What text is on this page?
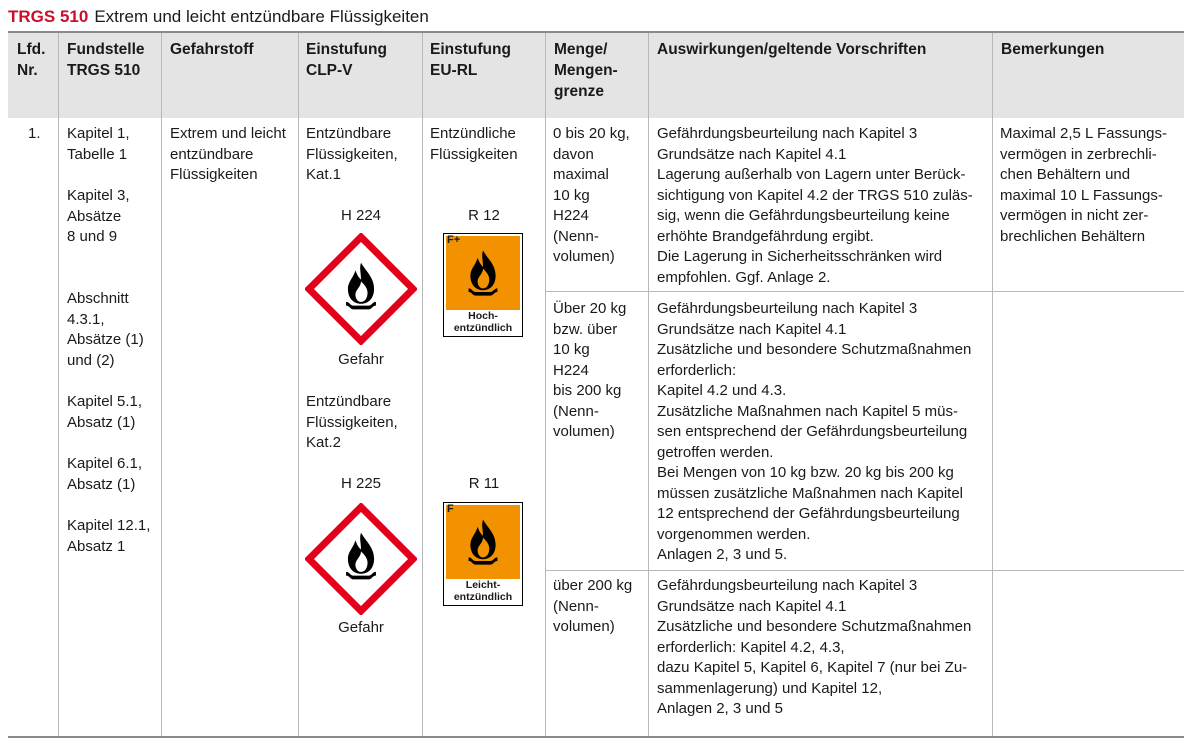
TRGS 510 Extrem und leicht entzündbare Flüssigkeiten
Lfd.
Nr.
Fundstelle
TRGS 510
Gefahrstoff	Einstufung
CLP-V
Einstufung
EU-RL
Menge/
Mengen-
grenze
Auswirkungen/geltende Vorschriften	Bemerkungen
1. Kapitel 1,
Tabelle 1
Kapitel 3,
Absätze
8 und 9
Abschnitt
4.3.1,
Absätze (1)
und (2)
Kapitel 5.1,
Absatz (1)
Kapitel 6.1,
Absatz (1)
Kapitel 12.1,
Absatz 1
Extrem und leicht
entzündbare
Flüssigkeiten
Entzündbare
Flüssigkeiten,
Kat.1
H 224
Gefahr
Entzündbare
Flüssigkeiten,
Kat.2
H 225
Gefahr
Entzündliche
Flüssigkeiten
R 12
F+
Hoch-
entzündlich
R 11
F
Leicht-
entzündlich
0 bis 20 kg,
davon
maximal
10 kg
H224
(Nenn-
volumen)
Über 20 kg
bzw. über
10 kg
H224
bis 200 kg
(Nenn-
volumen)
über 200 kg
(Nenn-
volumen)
Gefährdungsbeurteilung nach Kapitel 3
Grundsätze nach Kapitel 4.1
Lagerung außerhalb von Lagern unter Berück-
sichtigung von Kapitel 4.2 der TRGS 510 zuläs-
sig, wenn die Gefährdungsbeurteilung keine
erhöhte Brandgefährdung ergibt.
Die Lagerung in Sicherheitsschränken wird
empfohlen. Ggf. Anlage 2.
Gefährdungsbeurteilung nach Kapitel 3
Grundsätze nach Kapitel 4.1
Zusätzliche und besondere Schutzmaßnahmen
erforderlich:
Kapitel 4.2 und 4.3.
Zusätzliche Maßnahmen nach Kapitel 5 müs-
sen entsprechend der Gefährdungsbeurteilung
getroffen werden.
Bei Mengen von 10 kg bzw. 20 kg bis 200 kg
müssen zusätzliche Maßnahmen nach Kapitel
12 entsprechend der Gefährdungsbeurteilung
vorgenommen werden.
Anlagen 2, 3 und 5.
Gefährdungsbeurteilung nach Kapitel 3
Grundsätze nach Kapitel 4.1
Zusätzliche und besondere Schutzmaßnahmen
erforderlich: Kapitel 4.2, 4.3,
dazu Kapitel 5, Kapitel 6, Kapitel 7 (nur bei Zu-
sammenlagerung) und Kapitel 12,
Anlagen 2, 3 und 5
Maximal 2,5 L Fassungs-
vermögen in zerbrechli-
chen Behältern und
maximal 10 L Fassungs-
vermögen in nicht zer-
brechlichen Behältern
